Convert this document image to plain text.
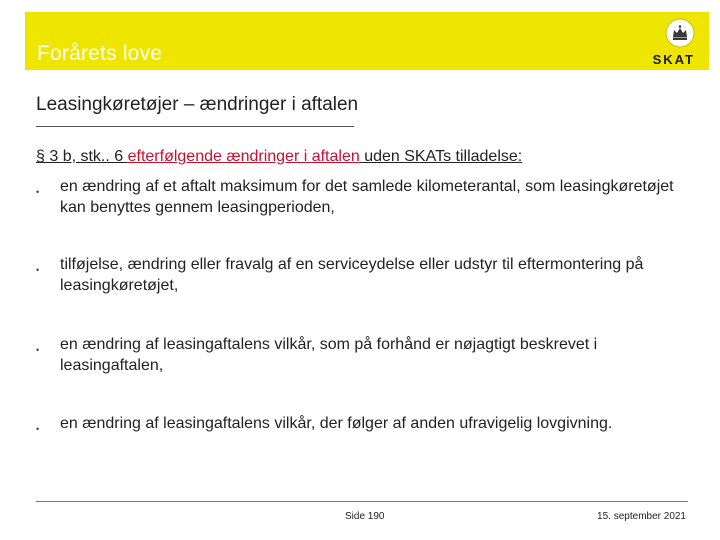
Forårets love	SKAT
Leasingkøretøjer – ændringer i aftalen
§ 3 b, stk.. 6 efterfølgende ændringer i aftalen uden SKATs tilladelse:
• en ændring af et aftalt maksimum for det samlede kilometerantal, som leasingkøretøjet kan benyttes gennem leasingperioden,
• tilføjelse, ændring eller fravalg af en serviceydelse eller udstyr til eftermontering på leasingkøretøjet,
• en ændring af leasingaftalens vilkår, som på forhånd er nøjagtigt beskrevet i leasingaftalen,
• en ændring af leasingaftalens vilkår, der følger af anden ufravigelig lovgivning.
Side 190	15. september 2021
